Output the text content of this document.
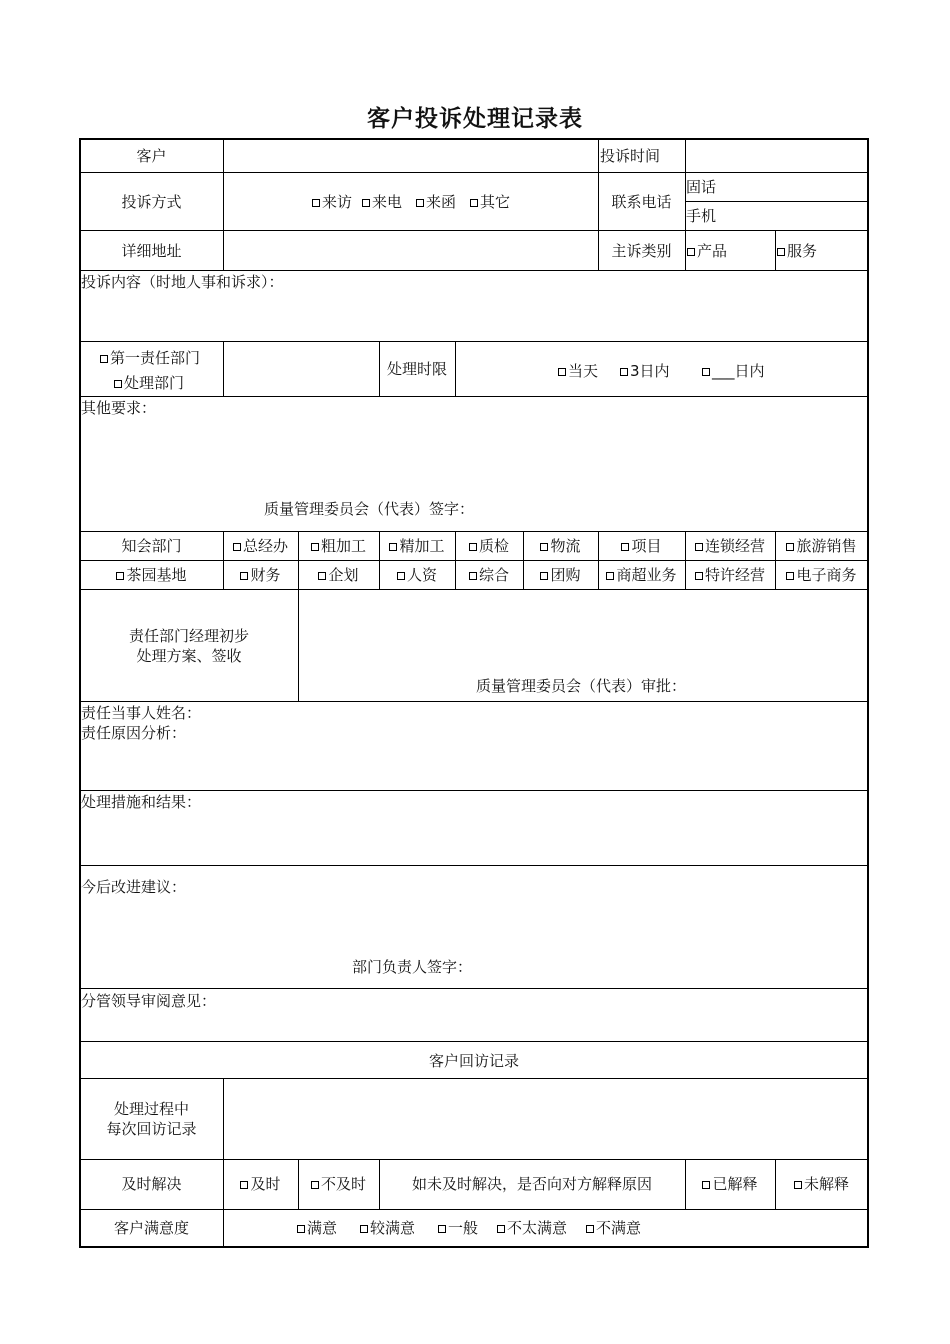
客户投诉处理记录表
客户	投诉时间
投诉方式	来访	来电	来函	其它	联系电话
固话
手机
详细地址	主诉类别	产品	服务
投诉内容（时地人事和诉求）：
第一责任部门
处理部门
处理时限	当天	3日内	___日内
其他要求：
质量管理委员会（代表）签字：
知会部门	总经办	粗加工	精加工	质检	物流	项目	连锁经营	旅游销售
茶园基地	财务	企划	人资	综合	团购	商超业务	特许经营	电子商务
责任部门经理初步
处理方案、签收
质量管理委员会（代表）审批：
责任当事人姓名：
责任原因分析：
处理措施和结果：
今后改进建议：
部门负责人签字：
分管领导审阅意见：
客户回访记录
处理过程中
每次回访记录
及时解决	及时	不及时	如未及时解决，是否向对方解释原因	已解释	未解释
客户满意度	满意	较满意	一般	不太满意	不满意
